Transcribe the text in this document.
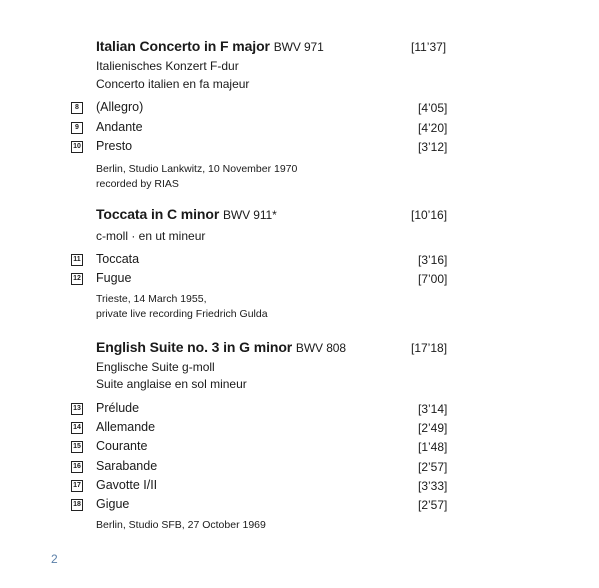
Italian Concerto in F major BWV 971	[11’37]
Italienisches Konzert F-dur
Concerto italien en fa majeur
8	(Allegro)	[4’05]
9	Andante	[4’20]
10 Presto	[3’12]
Berlin, Studio Lankwitz, 10 November 1970
recorded by RIAS
Toccata in C minor BWV 911*	[10’16]
c-moll · en ut mineur
11 Toccata	[3’16]
12 Fugue	[7’00]
Trieste, 14 March 1955,
private live recording Friedrich Gulda
English Suite no. 3 in G minor BWV 808	[17’18]
Englische Suite g-moll
Suite anglaise en sol mineur
13 Prélude	[3’14]
14 Allemande	[2’49]
15 Courante	[1’48]
16 Sarabande	[2’57]
17 Gavotte I/II	[3’33]
18 Gigue	[2’57]
Berlin, Studio SFB, 27 October 1969
2
